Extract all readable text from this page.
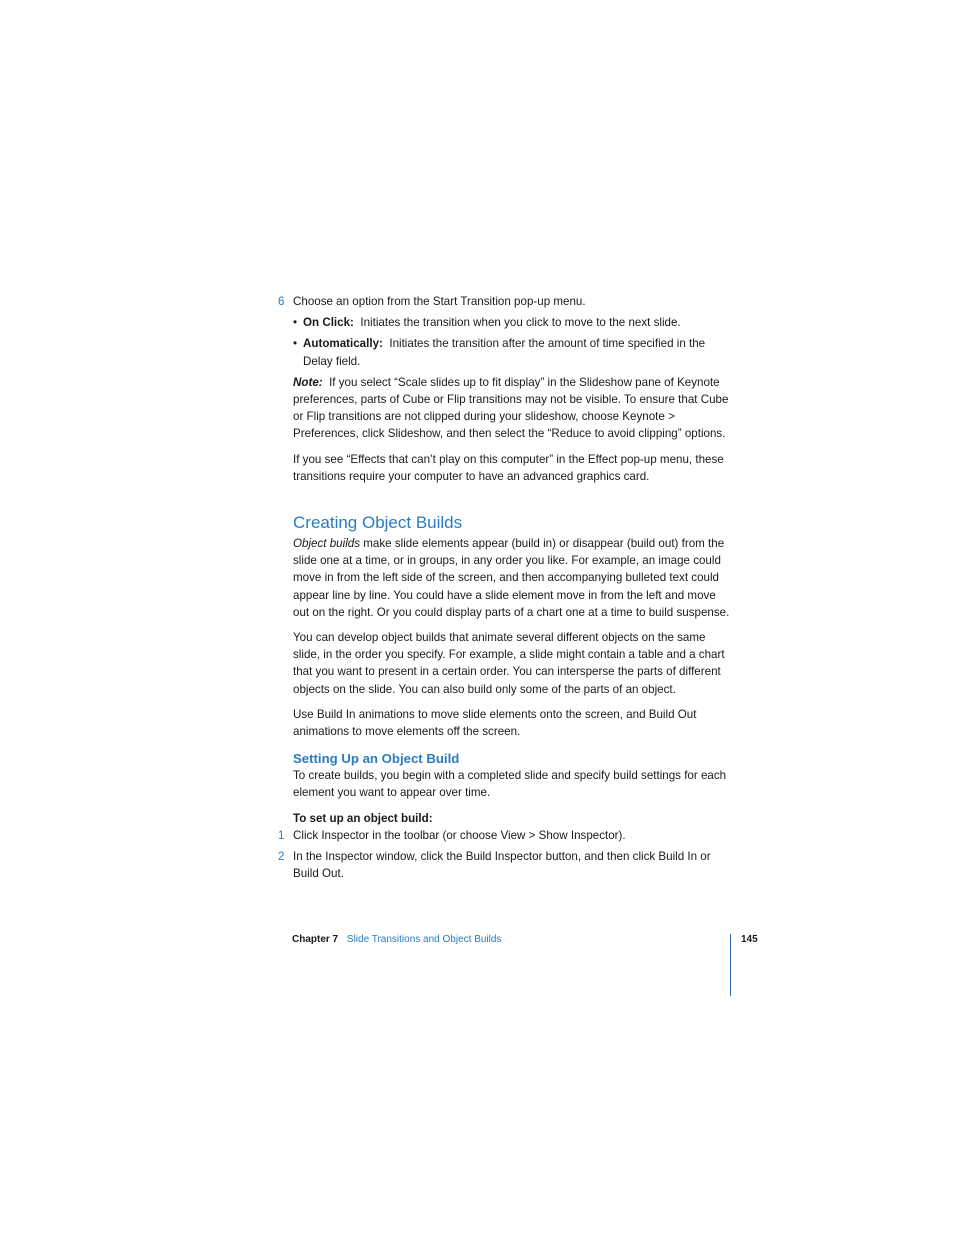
6 Choose an option from the Start Transition pop-up menu.
• On Click: Initiates the transition when you click to move to the next slide.
• Automatically: Initiates the transition after the amount of time specified in the Delay field.

Note: If you select “Scale slides up to fit display” in the Slideshow pane of Keynote preferences, parts of Cube or Flip transitions may not be visible. To ensure that Cube or Flip transitions are not clipped during your slideshow, choose Keynote > Preferences, click Slideshow, and then select the “Reduce to avoid clipping” options.

If you see “Effects that can’t play on this computer” in the Effect pop-up menu, these transitions require your computer to have an advanced graphics card.

Creating Object Builds

Object builds make slide elements appear (build in) or disappear (build out) from the slide one at a time, or in groups, in any order you like. For example, an image could move in from the left side of the screen, and then accompanying bulleted text could appear line by line. You could have a slide element move in from the left and move out on the right. Or you could display parts of a chart one at a time to build suspense.

You can develop object builds that animate several different objects on the same slide, in the order you specify. For example, a slide might contain a table and a chart that you want to present in a certain order. You can intersperse the parts of different objects on the slide. You can also build only some of the parts of an object.

Use Build In animations to move slide elements onto the screen, and Build Out animations to move elements off the screen.

Setting Up an Object Build

To create builds, you begin with a completed slide and specify build settings for each element you want to appear over time.

To set up an object build:
1 Click Inspector in the toolbar (or choose View > Show Inspector).
2 In the Inspector window, click the Build Inspector button, and then click Build In or Build Out.
Chapter 7 Slide Transitions and Object Builds	145
